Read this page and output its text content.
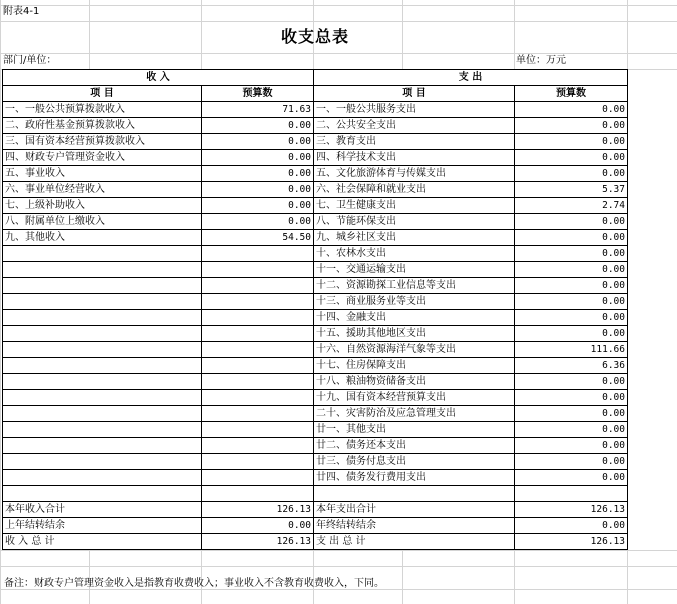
附表4-1
收支总表
部门/单位：	单位：万元
收 入		支 出	
项 目	预算数	项 目	预算数
一、一般公共预算拨款收入	71.63	一、一般公共服务支出	0.00
二、政府性基金预算拨款收入	0.00	二、公共安全支出	0.00
三、国有资本经营预算拨款收入	0.00	三、教育支出	0.00
四、财政专户管理资金收入	0.00	四、科学技术支出	0.00
五、事业收入	0.00	五、文化旅游体育与传媒支出	0.00
六、事业单位经营收入	0.00	六、社会保障和就业支出	5.37
七、上级补助收入	0.00	七、卫生健康支出	2.74
八、附属单位上缴收入	0.00	八、节能环保支出	0.00
九、其他收入	54.50	九、城乡社区支出	0.00
		十、农林水支出	0.00
		十一、交通运输支出	0.00
		十二、资源勘探工业信息等支出	0.00
		十三、商业服务业等支出	0.00
		十四、金融支出	0.00
		十五、援助其他地区支出	0.00
		十六、自然资源海洋气象等支出	111.66
		十七、住房保障支出	6.36
		十八、粮油物资储备支出	0.00
		十九、国有资本经营预算支出	0.00
		二十、灾害防治及应急管理支出	0.00
		廿一、其他支出	0.00
		廿二、债务还本支出	0.00
		廿三、债务付息支出	0.00
		廿四、债务发行费用支出	0.00

本年收入合计	126.13	本年支出合计	126.13
上年结转结余	0.00	年终结转结余	0.00
收 入 总 计	126.13	支 出 总 计	126.13
备注：财政专户管理资金收入是指教育收费收入；事业收入不含教育收费收入，下同。
